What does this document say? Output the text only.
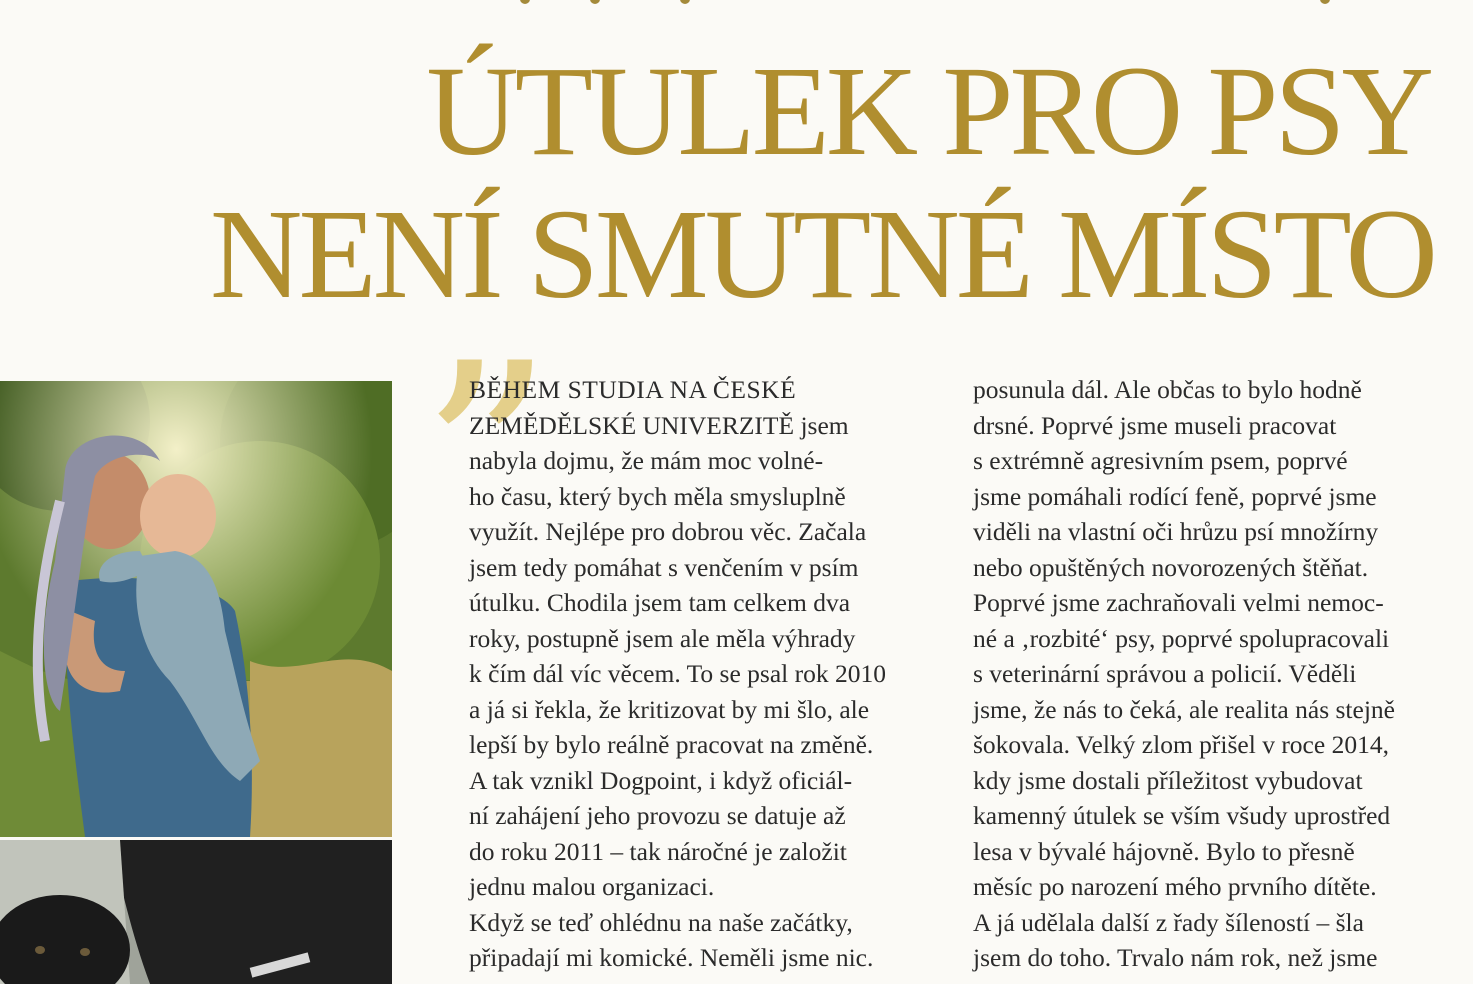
ÚTULEK PRO PSY
NENÍ SMUTNÉ MÍSTO
”
BĚHEM STUDIA NA ČESKÉ
ZEMĚDĚLSKÉ UNIVERZITĚ jsem
nabyla dojmu, že mám moc volné-
ho času, který bych měla smysluplně
využít. Nejlépe pro dobrou věc. Začala
jsem tedy pomáhat s venčením v psím
útulku. Chodila jsem tam celkem dva
roky, postupně jsem ale měla výhrady
k čím dál víc věcem. To se psal rok 2010
a já si řekla, že kritizovat by mi šlo, ale
lepší by bylo reálně pracovat na změně.
A tak vznikl Dogpoint, i když oficiál-
ní zahájení jeho provozu se datuje až
do roku 2011 – tak náročné je založit
jednu malou organizaci.
Když se teď ohlédnu na naše začátky,
připadají mi komické. Neměli jsme nic.
posunula dál. Ale občas to bylo hodně
drsné. Poprvé jsme museli pracovat
s extrémně agresivním psem, poprvé
jsme pomáhali rodící feně, poprvé jsme
viděli na vlastní oči hrůzu psí množírny
nebo opuštěných novorozených štěňat.
Poprvé jsme zachraňovali velmi nemoc-
né a ‚rozbité‘ psy, poprvé spolupracovali
s veterinární správou a policií. Věděli
jsme, že nás to čeká, ale realita nás stejně
šokovala. Velký zlom přišel v roce 2014,
kdy jsme dostali příležitost vybudovat
kamenný útulek se vším všudy uprostřed
lesa v bývalé hájovně. Bylo to přesně
měsíc po narození mého prvního dítěte.
A já udělala další z řady šíleností – šla
jsem do toho. Trvalo nám rok, než jsme
